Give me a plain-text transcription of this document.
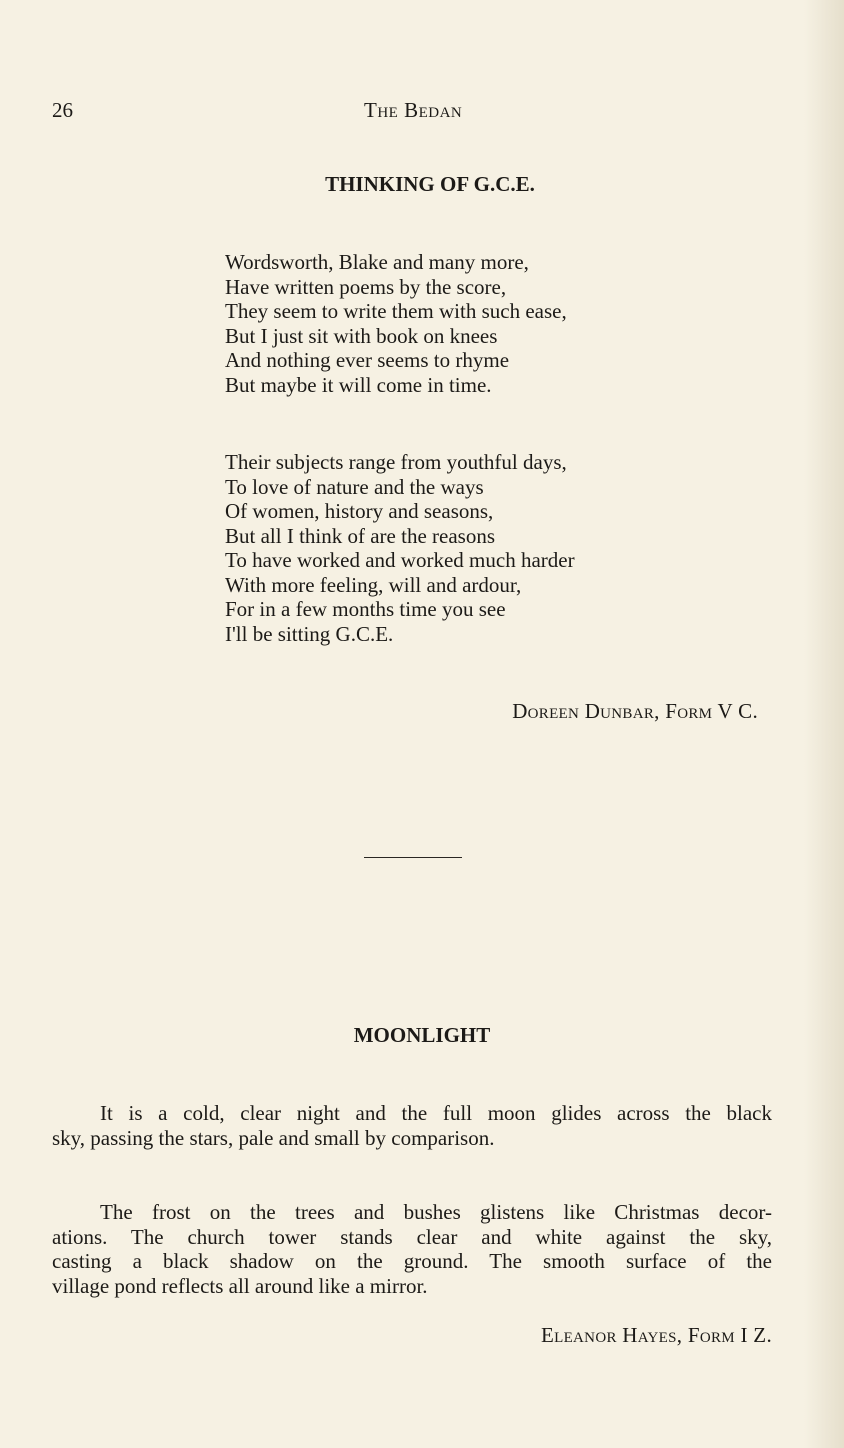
26	The Bedan
THINKING OF G.C.E.
Wordsworth, Blake and many more,
Have written poems by the score,
They seem to write them with such ease,
But I just sit with book on knees
And nothing ever seems to rhyme
But maybe it will come in time.
Their subjects range from youthful days,
To love of nature and the ways
Of women, history and seasons,
But all I think of are the reasons
To have worked and worked much harder
With more feeling, will and ardour,
For in a few months time you see
I'll be sitting G.C.E.
Doreen Dunbar, Form V C.
MOONLIGHT
It is a cold, clear night and the full moon glides across the black
sky, passing the stars, pale and small by comparison.
The frost on the trees and bushes glistens like Christmas decor-
ations. The church tower stands clear and white against the sky,
casting a black shadow on the ground. The smooth surface of the
village pond reflects all around like a mirror.
Eleanor Hayes, Form I Z.
